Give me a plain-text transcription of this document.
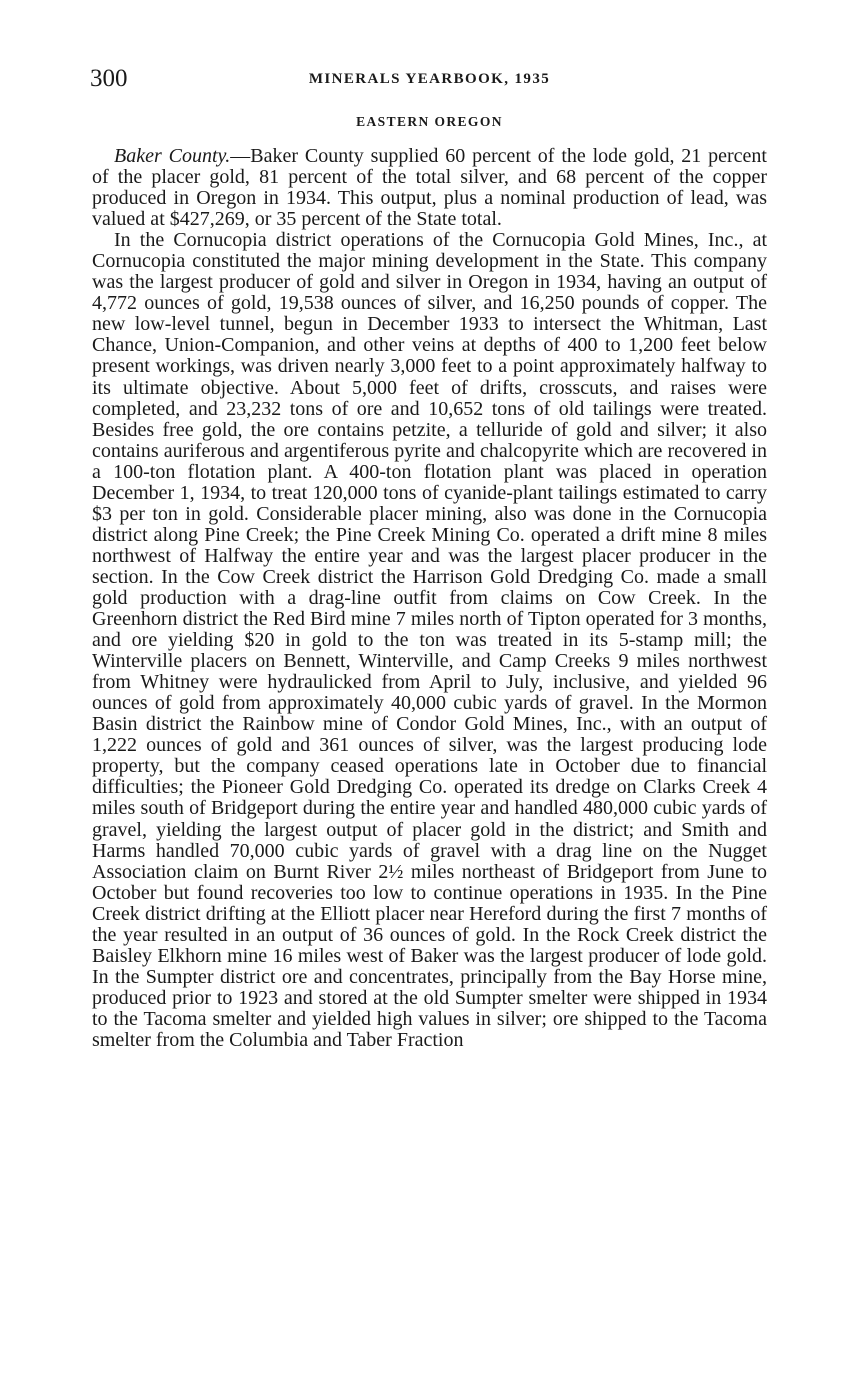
300	MINERALS YEARBOOK, 1935
EASTERN OREGON

Baker County.—Baker County supplied 60 percent of the lode gold, 21 percent of the placer gold, 81 percent of the total silver, and 68 percent of the copper produced in Oregon in 1934. This output, plus a nominal production of lead, was valued at $427,269, or 35 percent of the State total.

In the Cornucopia district operations of the Cornucopia Gold Mines, Inc., at Cornucopia constituted the major mining development in the State. This company was the largest producer of gold and silver in Oregon in 1934, having an output of 4,772 ounces of gold, 19,538 ounces of silver, and 16,250 pounds of copper. The new low-level tunnel, begun in December 1933 to intersect the Whitman, Last Chance, Union-Companion, and other veins at depths of 400 to 1,200 feet below present workings, was driven nearly 3,000 feet to a point approximately halfway to its ultimate objective. About 5,000 feet of drifts, crosscuts, and raises were completed, and 23,232 tons of ore and 10,652 tons of old tailings were treated. Besides free gold, the ore contains petzite, a telluride of gold and silver; it also contains auriferous and argentiferous pyrite and chalcopyrite which are recovered in a 100-ton flotation plant. A 400-ton flotation plant was placed in operation December 1, 1934, to treat 120,000 tons of cyanide-plant tailings estimated to carry $3 per ton in gold. Considerable placer mining, also was done in the Cornucopia district along Pine Creek; the Pine Creek Mining Co. operated a drift mine 8 miles northwest of Halfway the entire year and was the largest placer producer in the section. In the Cow Creek district the Harrison Gold Dredging Co. made a small gold production with a drag-line outfit from claims on Cow Creek. In the Greenhorn district the Red Bird mine 7 miles north of Tipton operated for 3 months, and ore yielding $20 in gold to the ton was treated in its 5-stamp mill; the Winterville placers on Bennett, Winterville, and Camp Creeks 9 miles northwest from Whitney were hydraulicked from April to July, inclusive, and yielded 96 ounces of gold from approximately 40,000 cubic yards of gravel. In the Mormon Basin district the Rainbow mine of Condor Gold Mines, Inc., with an output of 1,222 ounces of gold and 361 ounces of silver, was the largest producing lode property, but the company ceased operations late in October due to financial difficulties; the Pioneer Gold Dredging Co. operated its dredge on Clarks Creek 4 miles south of Bridgeport during the entire year and handled 480,000 cubic yards of gravel, yielding the largest output of placer gold in the district; and Smith and Harms handled 70,000 cubic yards of gravel with a drag line on the Nugget Association claim on Burnt River 2½ miles northeast of Bridgeport from June to October but found recoveries too low to continue operations in 1935. In the Pine Creek district drifting at the Elliott placer near Hereford during the first 7 months of the year resulted in an output of 36 ounces of gold. In the Rock Creek district the Baisley Elkhorn mine 16 miles west of Baker was the largest producer of lode gold. In the Sumpter district ore and concentrates, principally from the Bay Horse mine, produced prior to 1923 and stored at the old Sumpter smelter were shipped in 1934 to the Tacoma smelter and yielded high values in silver; ore shipped to the Tacoma smelter from the Columbia and Taber Fraction
